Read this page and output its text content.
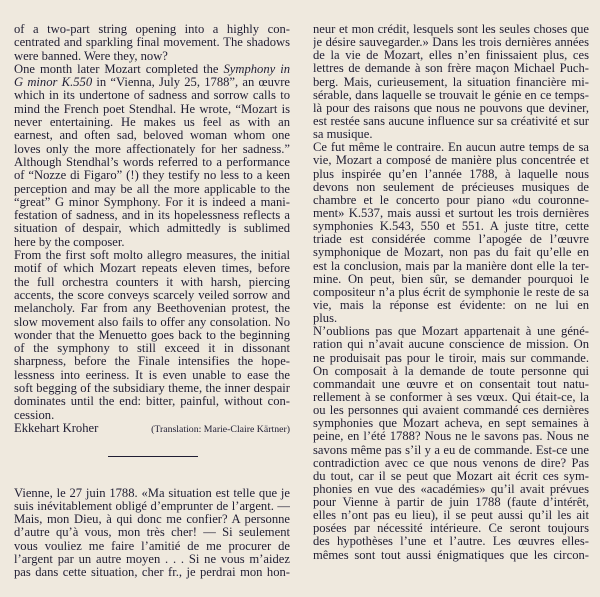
of a two-part string opening into a highly con-
centrated and sparkling final movement. The shadows
were banned. Were they, now?
One month later Mozart completed the Symphony in
G minor K.550 in “Vienna, July 25, 1788”, an œuvre
which in its undertone of sadness and sorrow calls to
mind the French poet Stendhal. He wrote, “Mozart is
never entertaining. He makes us feel as with an
earnest, and often sad, beloved woman whom one
loves only the more affectionately for her sadness.”
Although Stendhal’s words referred to a performance
of “Nozze di Figaro” (!) they testify no less to a keen
perception and may be all the more applicable to the
“great” G minor Symphony. For it is indeed a mani-
festation of sadness, and in its hopelessness reflects a
situation of despair, which admittedly is sublimed
here by the composer.
From the first soft molto allegro measures, the initial
motif of which Mozart repeats eleven times, before
the full orchestra counters it with harsh, piercing
accents, the score conveys scarcely veiled sorrow and
melancholy. Far from any Beethovenian protest, the
slow movement also fails to offer any consolation. No
wonder that the Menuetto goes back to the beginning
of the symphony to still exceed it in dissonant
sharpness, before the Finale intensifies the hope-
lessness into eeriness. It is even unable to ease the
soft begging of the subsidiary theme, the inner despair
dominates until the end: bitter, painful, without con-
cession.
Ekkehart Kroher	(Translation: Marie-Claire Kärtner)
Vienne, le 27 juin 1788. «Ma situation est telle que je
suis inévitablement obligé d’emprunter de l’argent. —
Mais, mon Dieu, à qui donc me confier? A personne
d’autre qu’à vous, mon très cher! — Si seulement
vous vouliez me faire l’amitié de me procurer de
l’argent par un autre moyen . . . Si ne vous m’aidez
pas dans cette situation, cher fr., je perdrai mon hon-
neur et mon crédit, lesquels sont les seules choses que
je désire sauvegarder.» Dans les trois dernières années
de la vie de Mozart, elles n’en finissaient plus, ces
lettres de demande à son frère maçon Michael Puch-
berg. Mais, curieusement, la situation financière mi-
sérable, dans laquelle se trouvait le génie en ce temps-
là pour des raisons que nous ne pouvons que deviner,
est restée sans aucune influence sur sa créativité et sur
sa musique.
Ce fut même le contraire. En aucun autre temps de sa
vie, Mozart a composé de manière plus concentrée et
plus inspirée qu’en l’année 1788, à laquelle nous
devons non seulement de précieuses musiques de
chambre et le concerto pour piano «du couronne-
ment» K.537, mais aussi et surtout les trois dernières
symphonies K.543, 550 et 551. A juste titre, cette
triade est considérée comme l’apogée de l’œuvre
symphonique de Mozart, non pas du fait qu’elle en
est la conclusion, mais par la manière dont elle la ter-
mine. On peut, bien sûr, se demander pourquoi le
compositeur n’a plus écrit de symphonie le reste de sa
vie, mais la réponse est évidente: on ne lui en
plus.
N’oublions pas que Mozart appartenait à une géné-
ration qui n’avait aucune conscience de mission. On
ne produisait pas pour le tiroir, mais sur commande.
On composait à la demande de toute personne qui
commandait une œuvre et on consentait tout natu-
rellement à se conformer à ses vœux. Qui était-ce, la
ou les personnes qui avaient commandé ces dernières
symphonies que Mozart acheva, en sept semaines à
peine, en l’été 1788? Nous ne le savons pas. Nous ne
savons même pas s’il y a eu de commande. Est-ce une
contradiction avec ce que nous venons de dire? Pas
du tout, car il se peut que Mozart ait écrit ces sym-
phonies en vue des «académies» qu’il avait prévues
pour Vienne à partir de juin 1788 (faute d’intérêt,
elles n’ont pas eu lieu), il se peut aussi qu’il les ait
posées par nécessité intérieure. Ce seront toujours
des hypothèses l’une et l’autre. Les œuvres elles-
mêmes sont tout aussi énigmatiques que les circon-
